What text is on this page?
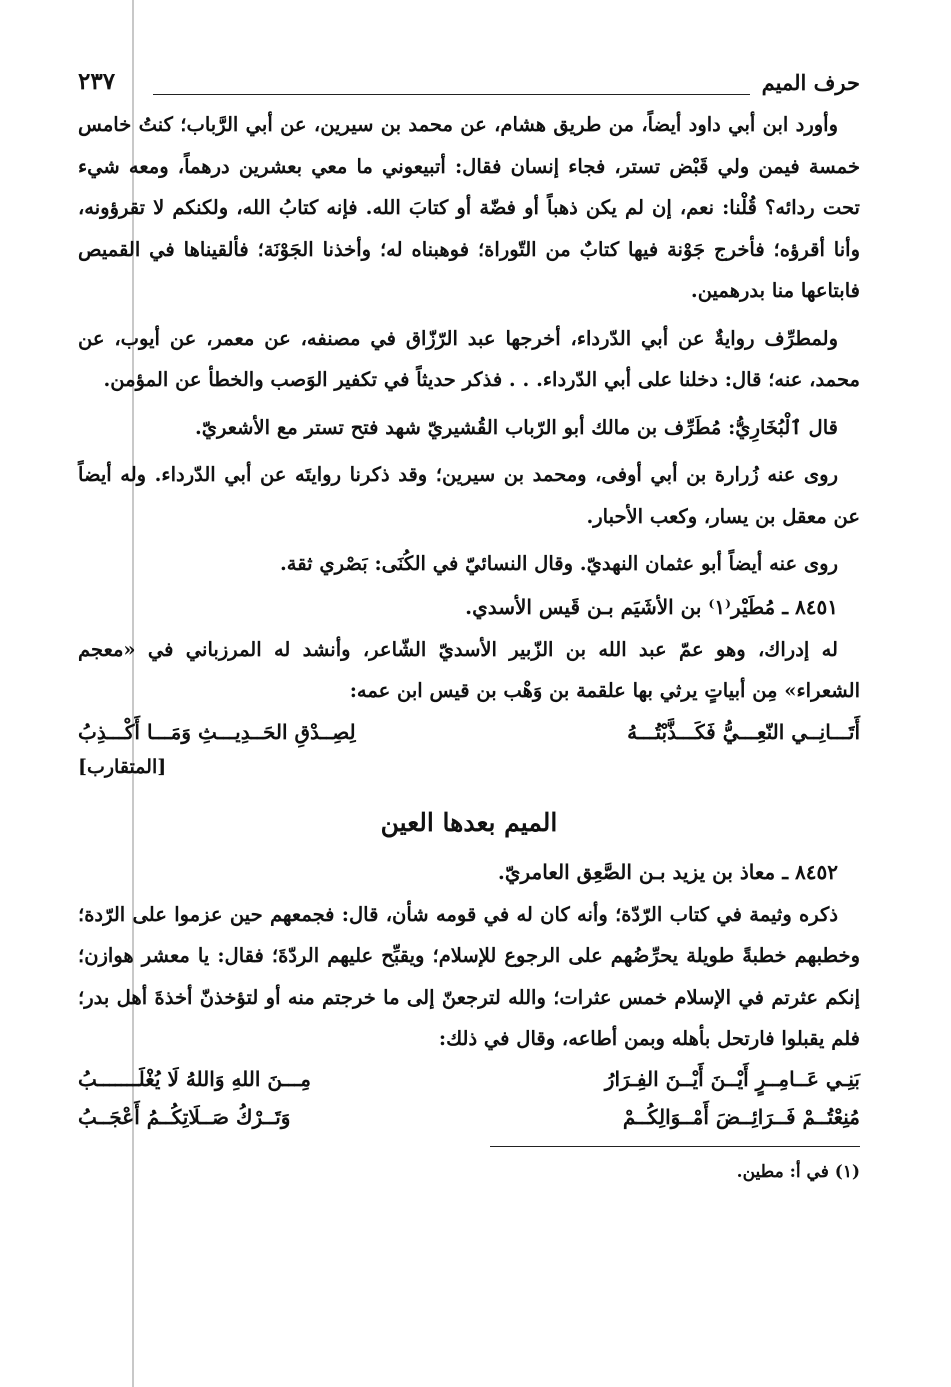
حرف الميم
٢٣٧

وأورد ابن أبي داود أيضاً، من طريق هشام، عن محمد بن سيرين، عن أبي الرَّباب؛ كنتُ خامس خمسة فيمن ولي قَبْض تستر، فجاء إنسان فقال: أتبيعوني ما معي بعشرين درهماً، ومعه شيء تحت ردائه؟ قُلْنا: نعم، إن لم يكن ذهباً أو فضّة أو كتابَ الله. فإنه كتابُ الله، ولكنكم لا تقرؤونه، وأنا أقرؤه؛ فأخرج جَوْنة فيها كتابٌ من التّوراة؛ فوهبناه له؛ وأخذنا الجَوْنَة؛ فألقيناها في القميص فابتاعها منا بدرهمين.

ولمطرِّف روايةٌ عن أبي الدّرداء، أخرجها عبد الرّزّاق في مصنفه، عن معمر، عن أيوب، عن محمد، عنه؛ قال: دخلنا على أبي الدّرداء. . . فذكر حديثاً في تكفير الوَصب والخطأ عن المؤمن.

قال ٱلْبُخَارِيُّ: مُطَرِّف بن مالك أبو الرّباب القُشيريّ شهد فتح تستر مع الأشعريّ.

روى عنه زُرارة بن أبي أوفى، ومحمد بن سيرين؛ وقد ذكرنا روايتَه عن أبي الدّرداء. وله أيضاً عن معقل بن يسار، وكعب الأحبار.

روى عنه أيضاً أبو عثمان النهديّ. وقال النسائيّ في الكُنَى: بَصْري ثقة.

٨٤٥١ ـ مُطَيْر⁽١⁾ بن الأشَيَم بـن قَيس الأسدي.

له إدراك، وهو عمّ عبد الله بن الزّبير الأسديّ الشّاعر، وأنشد له المرزباني في «معجم الشعراء» مِن أبياتٍ يرثي بها علقمة بن وَهْب بن قيس ابن عمه:

أَتَـــانِــي النّعِـــيُّ فَكَـــذَّبْتُـــهُ
لِصِــدْقِ الحَــدِيـــثِ وَمَـــا أَكْـــذِبُ
[المتقارب]
الميم بعدها العين

٨٤٥٢ ـ معاذ بن يزيد بـن الصَّعِق العامريّ.

ذكره وثيمة في كتاب الرّدّة؛ وأنه كان له في قومه شأن، قال: فجمعهم حين عزموا على الرّدة؛ وخطبهم خطبةً طويلة يحرِّضُهم على الرجوع للإسلام؛ ويقبِّح عليهم الردّةَ؛ فقال: يا معشر هوازن؛ إنكم عثرتم في الإسلام خمس عثرات؛ والله لترجعنّ إلى ما خرجتم منه أو لتؤخذنّ أخذةَ أهل بدر؛ فلم يقبلوا فارتحل بأهله وبمن أطاعه، وقال في ذلك:

بَنِـي عَــامِــرٍ أَيْــنَ أَيْــنَ الفِـرَارُ
مِـــنَ اللهِ وَاللهُ لَا يُغْلَـــــــبُ
مُنِعْتُــمْ فَــرَائِــضَ أَمْــوَالِكُــمْ
وَتَــرْكُ صَــلَاتِكُــمُ أَعْجَــبُ
(١) في أ: مطين.
